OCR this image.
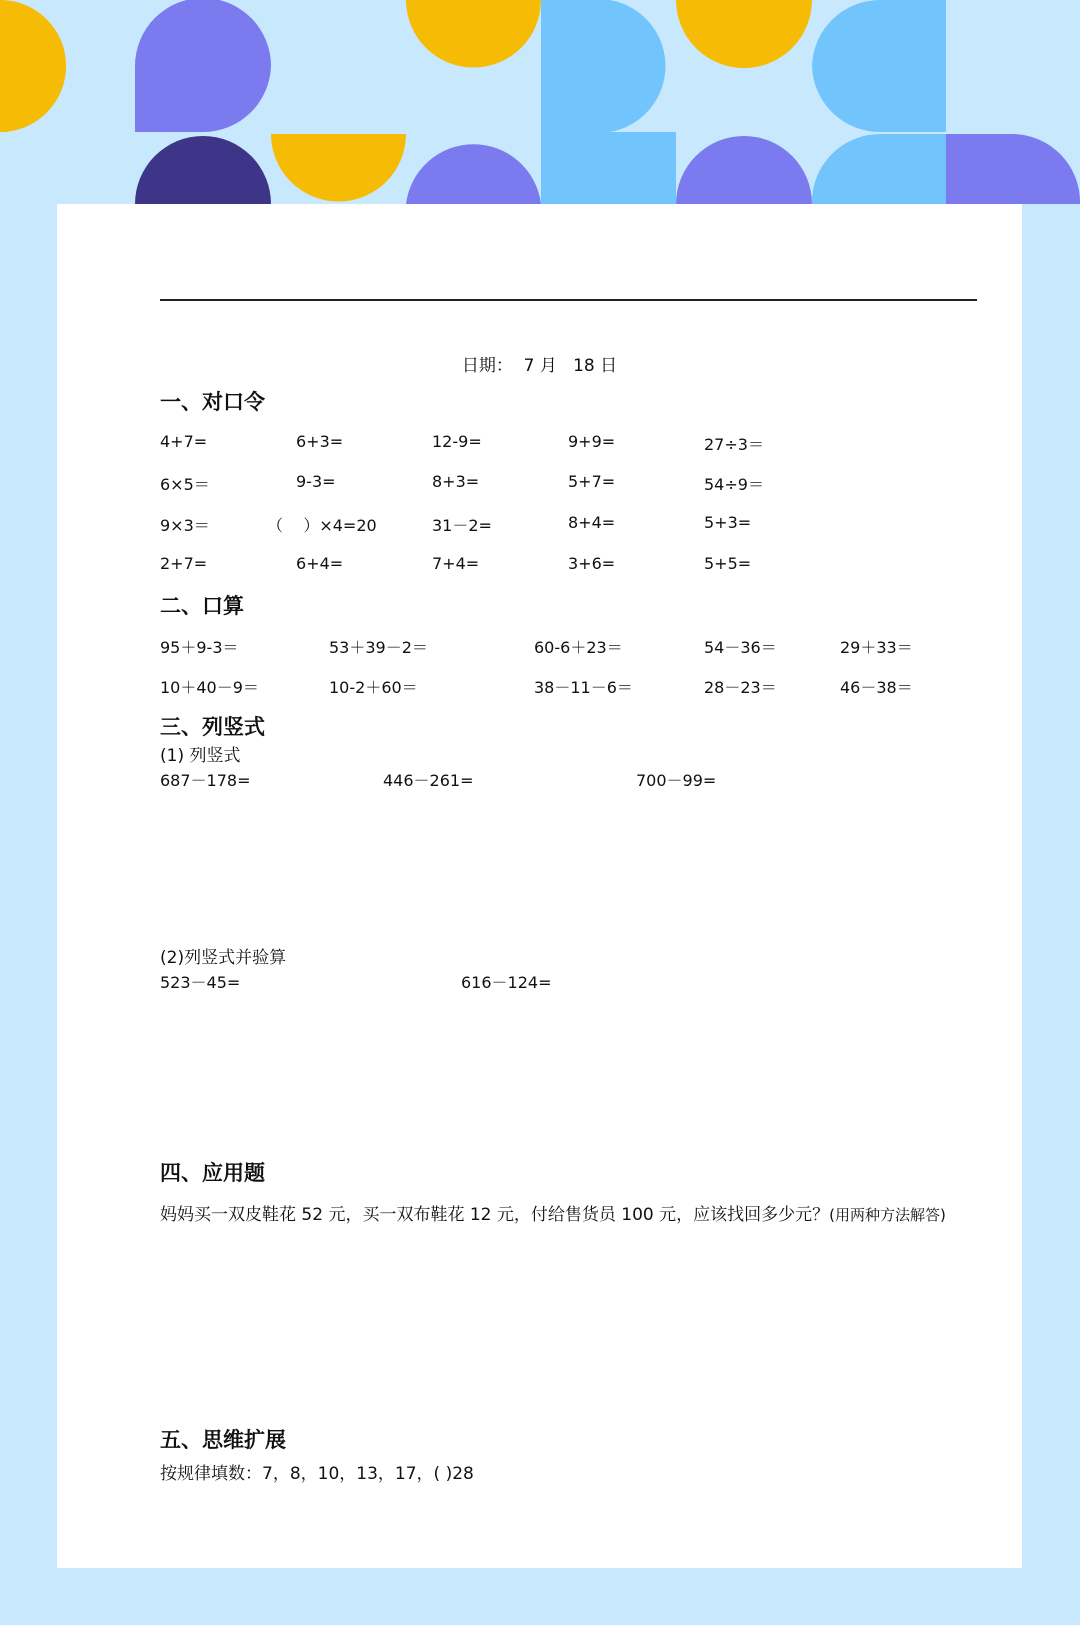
日期：  7 月   18 日
一、对口令
4+7=	6+3=	12-9=	9+9=	27÷3＝
6×5＝	9-3=	8+3=	5+7=	54÷9＝
9×3＝	（    ）×4=20	31－2=	8+4=	5+3=
2+7=	6+4=	7+4=	3+6=	5+5=
二、口算
95＋9-3＝	53＋39－2＝	60-6＋23＝	54－36＝	29＋33＝
10＋40－9＝	10-2＋60＝	38－11－6＝	28－23＝	46－38＝
三、列竖式
(1) 列竖式
687－178=	446－261=	700－99=
(2)列竖式并验算
523－45=	616－124=
四、应用题
妈妈买一双皮鞋花 52 元，买一双布鞋花 12 元，付给售货员 100 元，应该找回多少元？(用两种方法解答)
五、思维扩展
按规律填数：7，8，10，13，17，( )28
